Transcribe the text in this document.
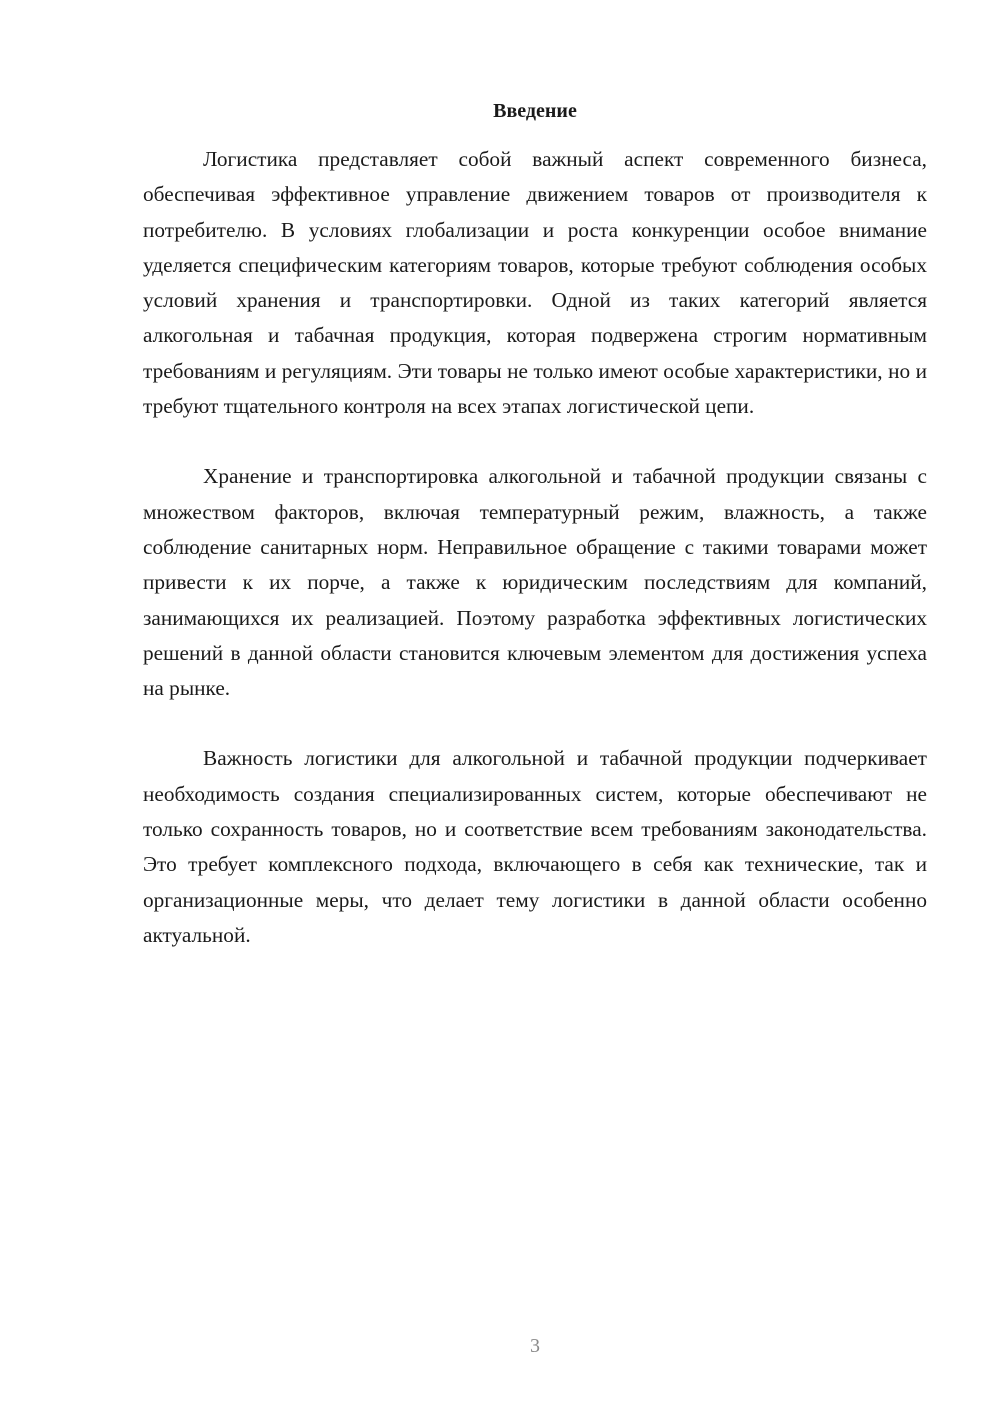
Введение

Логистика представляет собой важный аспект современного бизнеса, обеспечивая эффективное управление движением товаров от производителя к потребителю. В условиях глобализации и роста конкуренции особое внимание уделяется специфическим категориям товаров, которые требуют соблюдения особых условий хранения и транспортировки. Одной из таких категорий является алкогольная и табачная продукция, которая подвержена строгим нормативным требованиям и регуляциям. Эти товары не только имеют особые характеристики, но и требуют тщательного контроля на всех этапах логистической цепи.

Хранение и транспортировка алкогольной и табачной продукции связаны с множеством факторов, включая температурный режим, влажность, а также соблюдение санитарных норм. Неправильное обращение с такими товарами может привести к их порче, а также к юридическим последствиям для компаний, занимающихся их реализацией. Поэтому разработка эффективных логистических решений в данной области становится ключевым элементом для достижения успеха на рынке.

Важность логистики для алкогольной и табачной продукции подчеркивает необходимость создания специализированных систем, которые обеспечивают не только сохранность товаров, но и соответствие всем требованиям законодательства. Это требует комплексного подхода, включающего в себя как технические, так и организационные меры, что делает тему логистики в данной области особенно актуальной.

3
